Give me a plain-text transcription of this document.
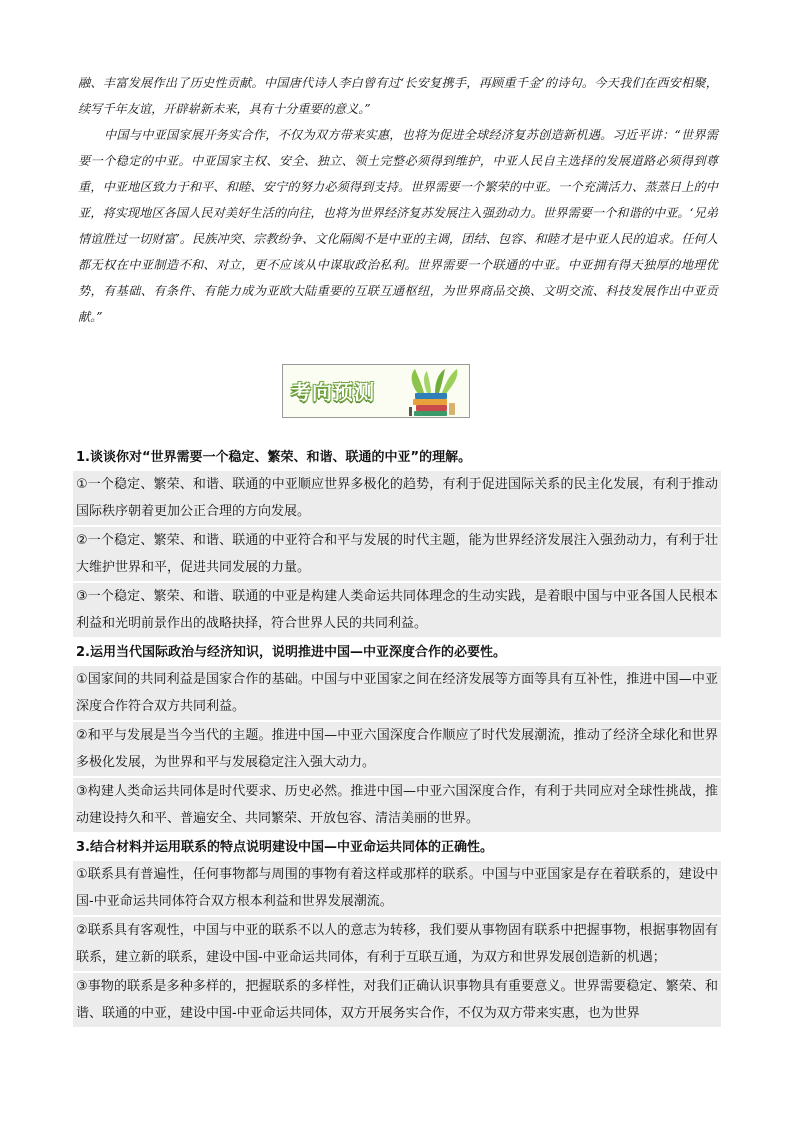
融、丰富发展作出了历史性贡献。中国唐代诗人李白曾有过‘长安复携手，再顾重千金’的诗句。今天我们在西安相聚，续写千年友谊，开辟崭新未来，具有十分重要的意义。”

中国与中亚国家展开务实合作，不仅为双方带来实惠，也将为促进全球经济复苏创造新机遇。习近平讲：“世界需要一个稳定的中亚。中亚国家主权、安全、独立、领土完整必须得到维护，中亚人民自主选择的发展道路必须得到尊重，中亚地区致力于和平、和睦、安宁的努力必须得到支持。世界需要一个繁荣的中亚。一个充满活力、蒸蒸日上的中亚，将实现地区各国人民对美好生活的向往，也将为世界经济复苏发展注入强劲动力。世界需要一个和谐的中亚。‘兄弟情谊胜过一切财富’。民族冲突、宗教纷争、文化隔阂不是中亚的主调，团结、包容、和睦才是中亚人民的追求。任何人都无权在中亚制造不和、对立，更不应该从中谋取政治私利。世界需要一个联通的中亚。中亚拥有得天独厚的地理优势，有基础、有条件、有能力成为亚欧大陆重要的互联互通枢纽，为世界商品交换、文明交流、科技发展作出中亚贡献。”

考向预测

1.谈谈你对“世界需要一个稳定、繁荣、和谐、联通的中亚”的理解。

①一个稳定、繁荣、和谐、联通的中亚顺应世界多极化的趋势，有利于促进国际关系的民主化发展，有利于推动国际秩序朝着更加公正合理的方向发展。

②一个稳定、繁荣、和谐、联通的中亚符合和平与发展的时代主题，能为世界经济发展注入强劲动力，有利于壮大维护世界和平，促进共同发展的力量。

③一个稳定、繁荣、和谐、联通的中亚是构建人类命运共同体理念的生动实践，是着眼中国与中亚各国人民根本利益和光明前景作出的战略抉择，符合世界人民的共同利益。

2.运用当代国际政治与经济知识，说明推进中国—中亚深度合作的必要性。

①国家间的共同利益是国家合作的基础。中国与中亚国家之间在经济发展等方面等具有互补性，推进中国—中亚深度合作符合双方共同利益。

②和平与发展是当今当代的主题。推进中国—中亚六国深度合作顺应了时代发展潮流，推动了经济全球化和世界多极化发展，为世界和平与发展稳定注入强大动力。

③构建人类命运共同体是时代要求、历史必然。推进中国—中亚六国深度合作，有利于共同应对全球性挑战，推动建设持久和平、普遍安全、共同繁荣、开放包容、清洁美丽的世界。

3.结合材料并运用联系的特点说明建设中国—中亚命运共同体的正确性。

①联系具有普遍性，任何事物都与周围的事物有着这样或那样的联系。中国与中亚国家是存在着联系的，建设中国-中亚命运共同体符合双方根本利益和世界发展潮流。

②联系具有客观性，中国与中亚的联系不以人的意志为转移，我们要从事物固有联系中把握事物，根据事物固有联系，建立新的联系，建设中国-中亚命运共同体，有利于互联互通，为双方和世界发展创造新的机遇；

③事物的联系是多种多样的，把握联系的多样性，对我们正确认识事物具有重要意义。世界需要稳定、繁荣、和谐、联通的中亚，建设中国-中亚命运共同体，双方开展务实合作，不仅为双方带来实惠，也为世界
